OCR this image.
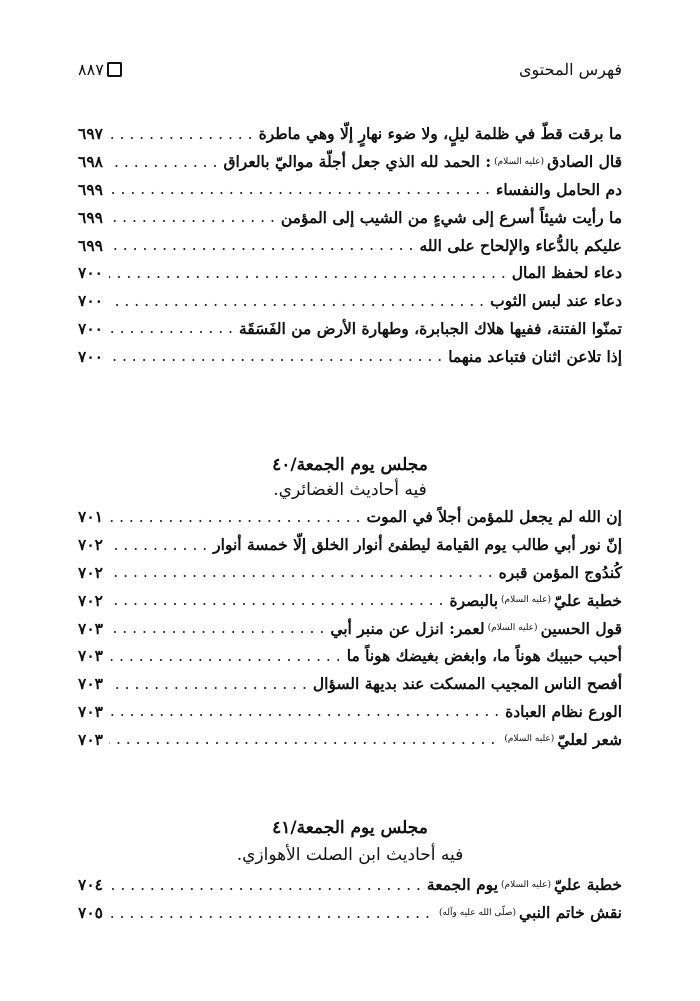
فهرس المحتوى
٨٨٧
ما برقت قطّ في ظلمة ليلٍ، ولا ضوء نهارٍ إلّا وهي ماطرة
. . .
٦٩٧
قال الصادق
(عليه السلام)
: الحمد لله الذي جعل أجلّة مواليّ بالعراق
. . .
٦٩٨
دم الحامل والنفساء
. . .
٦٩٩
ما رأيت شيئاً أسرع إلى شيءٍ من الشيب إلى المؤمن
. . .
٦٩٩
عليكم بالدُّعاء والإلحاح على الله
. . .
٦٩٩
دعاء لحفظ المال
. . .
٧٠٠
دعاء عند لبس الثوب
. . .
٧٠٠
تمنّوا الفتنة، ففيها هلاك الجبابرة، وطهارة الأرض من الفَسَقَة
. . .
٧٠٠
إذا تلاعن اثنان فتباعد منهما
. . .
٧٠٠
مجلس يوم الجمعة/٤٠
فيه أحاديث الغضائري.
إن الله لم يجعل للمؤمن أجلاً في الموت
. . .
٧٠١
إنّ نور أبي طالب يوم القيامة ليطفئ أنوار الخلق إلّا خمسة أنوار
. . .
٧٠٢
كُندُوج المؤمن قبره
. . .
٧٠٢
خطبة عليّ
(عليه السلام)
بالبصرة
. . .
٧٠٢
قول الحسين
(عليه السلام)
لعمر: انزل عن منبر أبي
. . .
٧٠٣
أحبب حبيبك هوناً ما، وابغض بغيضك هوناً ما
. . .
٧٠٣
أفصح الناس المجيب المسكت عند بديهة السؤال
. . .
٧٠٣
الورع نظام العبادة
. . .
٧٠٣
شعر لعليّ
(عليه السلام)
. . .
٧٠٣
مجلس يوم الجمعة/٤١
فيه أحاديث ابن الصلت الأهوازي.
خطبة عليّ
(عليه السلام)
يوم الجمعة
. . .
٧٠٤
نقش خاتم النبي
(صلّى الله عليه وآله)
. . .
٧٠٥
